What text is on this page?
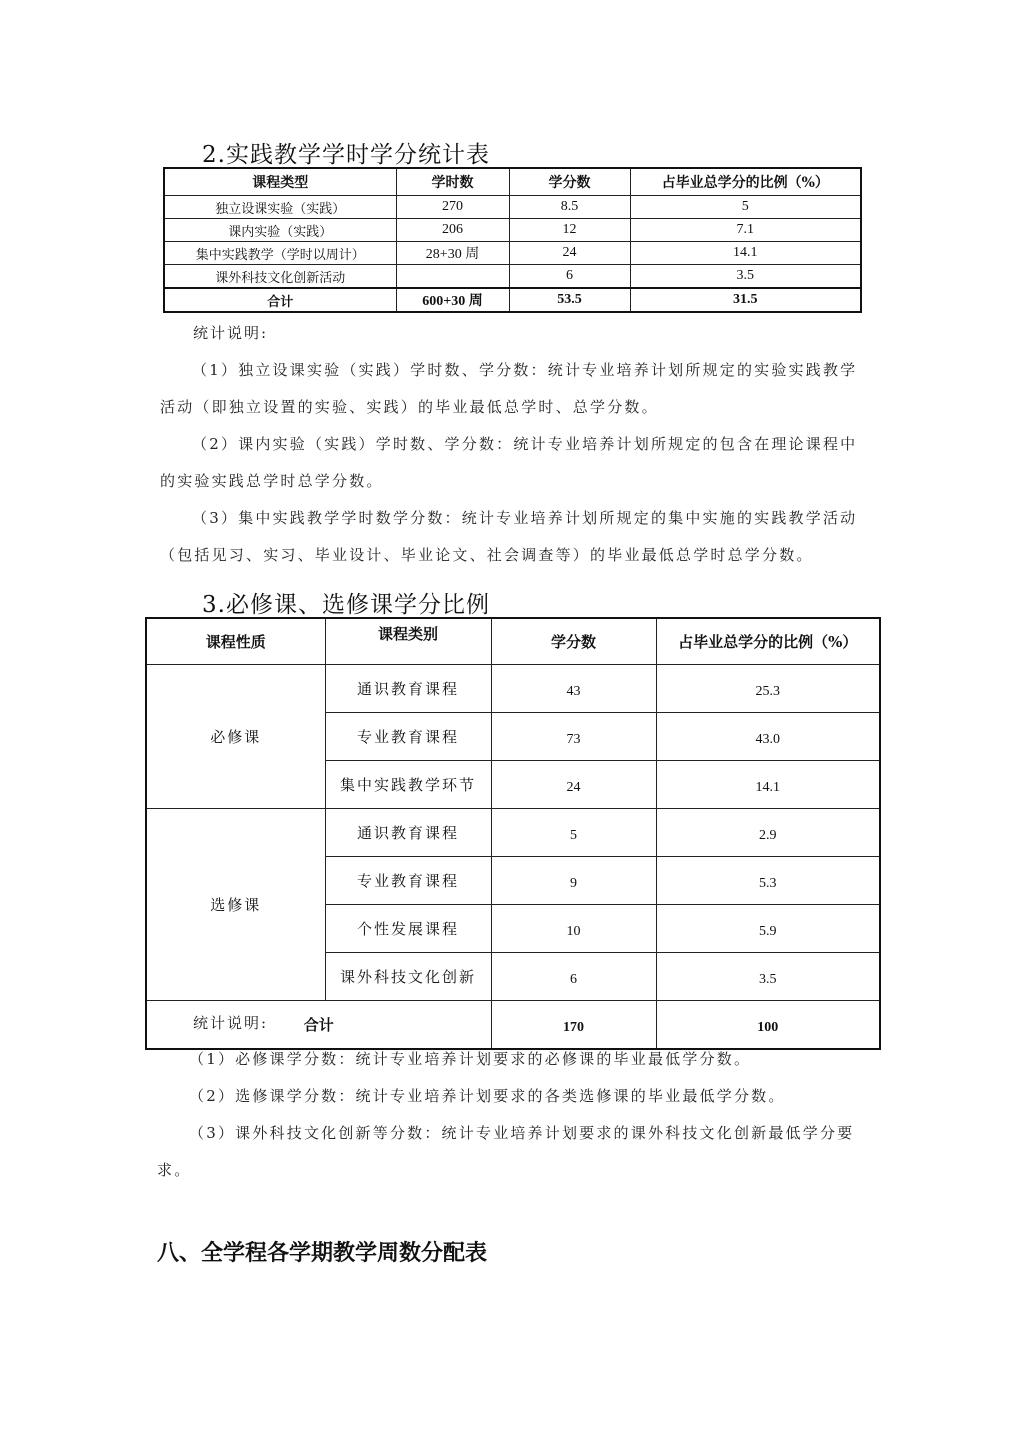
2.实践教学学时学分统计表
课程类型	学时数	学分数	占毕业总学分的比例（%）
独立设课实验（实践）	270	8.5	5
课内实验（实践）	206	12	7.1
集中实践教学（学时以周计）	28+30 周	24	14.1
课外科技文化创新活动		6	3.5
合计	600+30 周	53.5	31.5
统计说明:

（1）独立设课实验（实践）学时数、学分数：统计专业培养计划所规定的实验实践教学活动（即独立设置的实验、实践）的毕业最低总学时、总学分数。

（2）课内实验（实践）学时数、学分数：统计专业培养计划所规定的包含在理论课程中的实验实践总学时总学分数。

（3）集中实践教学学时数学分数：统计专业培养计划所规定的集中实施的实践教学活动（包括见习、实习、毕业设计、毕业论文、社会调查等）的毕业最低总学时总学分数。

3.必修课、选修课学分比例
课程性质	课程类别	学分数	占毕业总学分的比例（%）
必修课	通识教育课程	43	25.3
	专业教育课程	73	43.0
	集中实践教学环节	24	14.1
选修课	通识教育课程	5	2.9
	专业教育课程	9	5.3
	个性发展课程	10	5.9
	课外科技文化创新	6	3.5
合计		170	100
统计说明:

（1）必修课学分数：统计专业培养计划要求的必修课的毕业最低学分数。

（2）选修课学分数：统计专业培养计划要求的各类选修课的毕业最低学分数。

（3）课外科技文化创新等分数：统计专业培养计划要求的课外科技文化创新最低学分要求。

八、全学程各学期教学周数分配表
